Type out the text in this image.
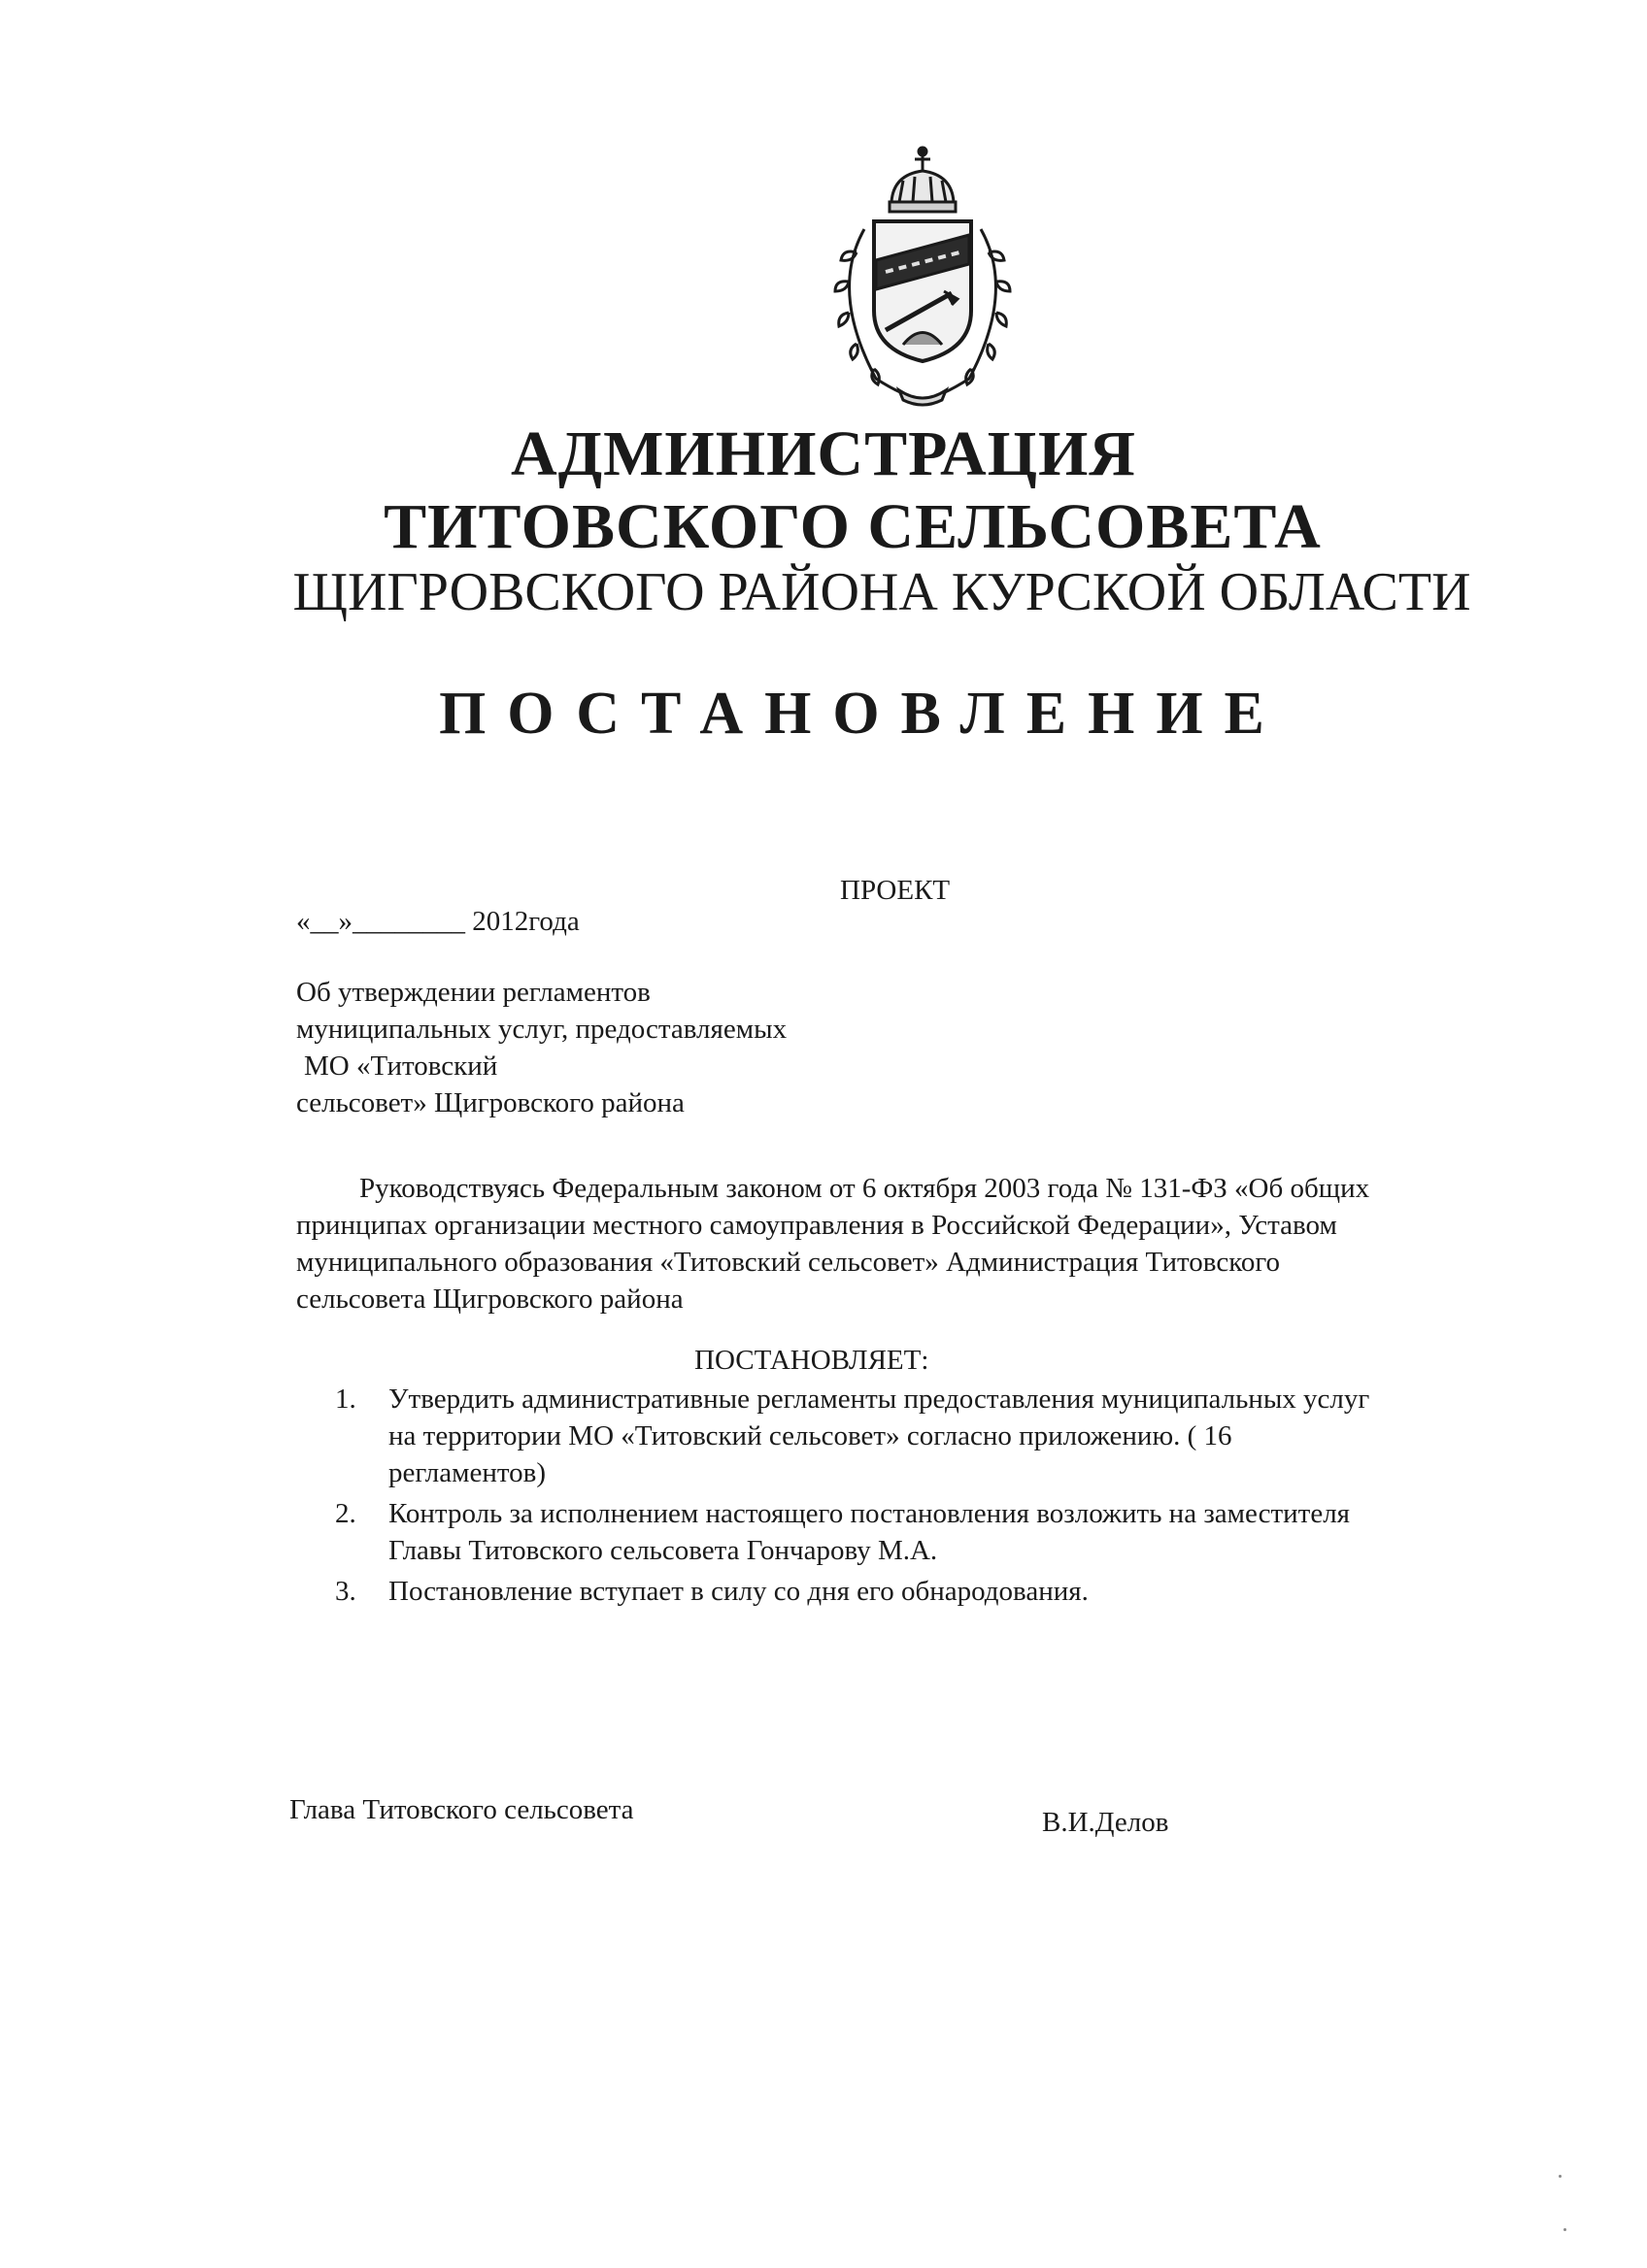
АДМИНИСТРАЦИЯ
ТИТОВСКОГО СЕЛЬСОВЕТА
ЩИГРОВСКОГО РАЙОНА КУРСКОЙ ОБЛАСТИ
ПОСТАНОВЛЕНИЕ

ПРОЕКТ

«__»________ 2012года

Об утверждении регламентов
муниципальных услуг, предоставляемых
МО «Титовский
сельсовет» Щигровского района
Руководствуясь Федеральным законом от 6 октября 2003 года № 131-ФЗ «Об общих
принципах организации местного самоуправления в Российской Федерации», Уставом
муниципального образования «Титовский сельсовет» Администрация Титовского
сельсовета Щигровского района

ПОСТАНОВЛЯЕТ:

1. Утвердить административные регламенты предоставления муниципальных услуг
на территории МО «Титовский сельсовет» согласно приложению. ( 16
регламентов)
2. Контроль за исполнением настоящего постановления возложить на заместителя
Главы Титовского сельсовета Гончарову М.А.
3. Постановление вступает в силу со дня его обнародования.

Глава Титовского сельсовета	В.И.Делов
